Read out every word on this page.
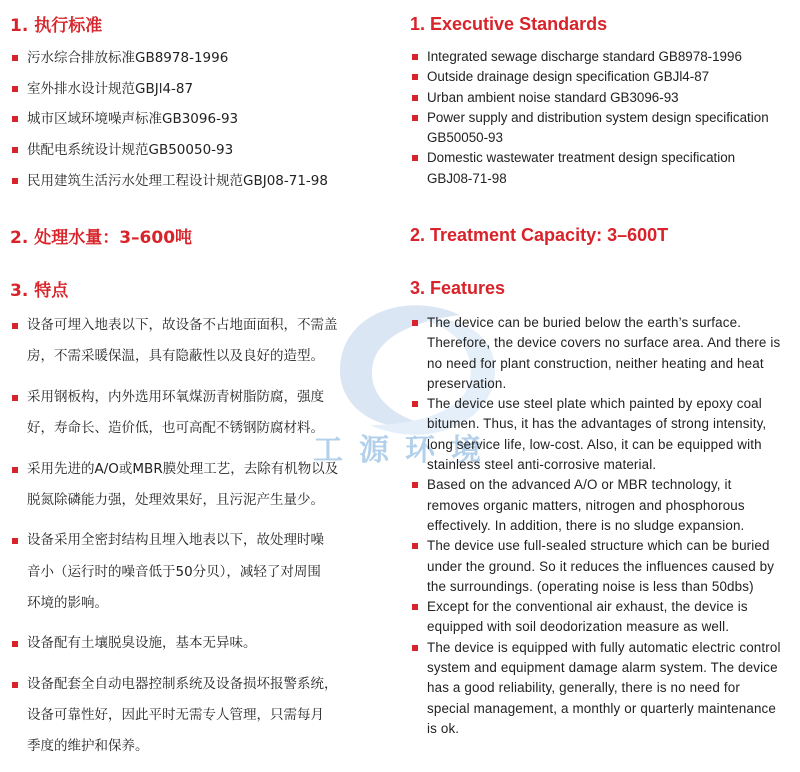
工源环境
1. 执行标准
污水综合排放标准GB8978-1996
室外排水设计规范GBJl4-87
城市区域环境噪声标准GB3096-93
供配电系统设计规范GB50050-93
民用建筑生活污水处理工程设计规范GBJ08-71-98
2. 处理水量：3–600吨
3. 特点
设备可埋入地表以下，故设备不占地面面积，不需盖
房，不需采暖保温，具有隐蔽性以及良好的造型。
采用钢板构，内外选用环氧煤沥青树脂防腐，强度
好，寿命长、造价低，也可高配不锈钢防腐材料。
采用先进的A/O或MBR膜处理工艺，去除有机物以及
脱氮除磷能力强，处理效果好，且污泥产生量少。
设备采用全密封结构且埋入地表以下，故处理时噪
音小（运行时的噪音低于50分贝），减轻了对周围
环境的影响。
设备配有土壤脱臭设施，基本无异味。
设备配套全自动电器控制系统及设备损坏报警系统，
设备可靠性好，因此平时无需专人管理，只需每月
季度的维护和保养。
1. Executive Standards
Integrated sewage discharge standard GB8978-1996
Outside drainage design specification GBJl4-87
Urban ambient noise standard GB3096-93
Power supply and distribution system design specification
GB50050-93
Domestic wastewater treatment design specification
GBJ08-71-98
2. Treatment Capacity: 3–600T
3. Features
The device can be buried below the earth’s surface.
Therefore, the device covers no surface area. And there is
no need for plant construction, neither heating and heat
preservation.
The device use steel plate which painted by epoxy coal
bitumen. Thus, it has the advantages of strong intensity,
long service life, low-cost. Also, it can be equipped with
stainless steel anti-corrosive material.
Based on the advanced A/O or MBR technology, it
removes organic matters, nitrogen and phosphorous
effectively. In addition, there is no sludge expansion.
The device use full-sealed structure which can be buried
under the ground. So it reduces the influences caused by
the surroundings. (operating noise is less than 50dbs)
Except for the conventional air exhaust, the device is
equipped with soil deodorization measure as well.
The device is equipped with fully automatic electric control
system and equipment damage alarm system. The device
has a good reliability, generally, there is no need for
special management, a monthly or quarterly maintenance
is ok.
